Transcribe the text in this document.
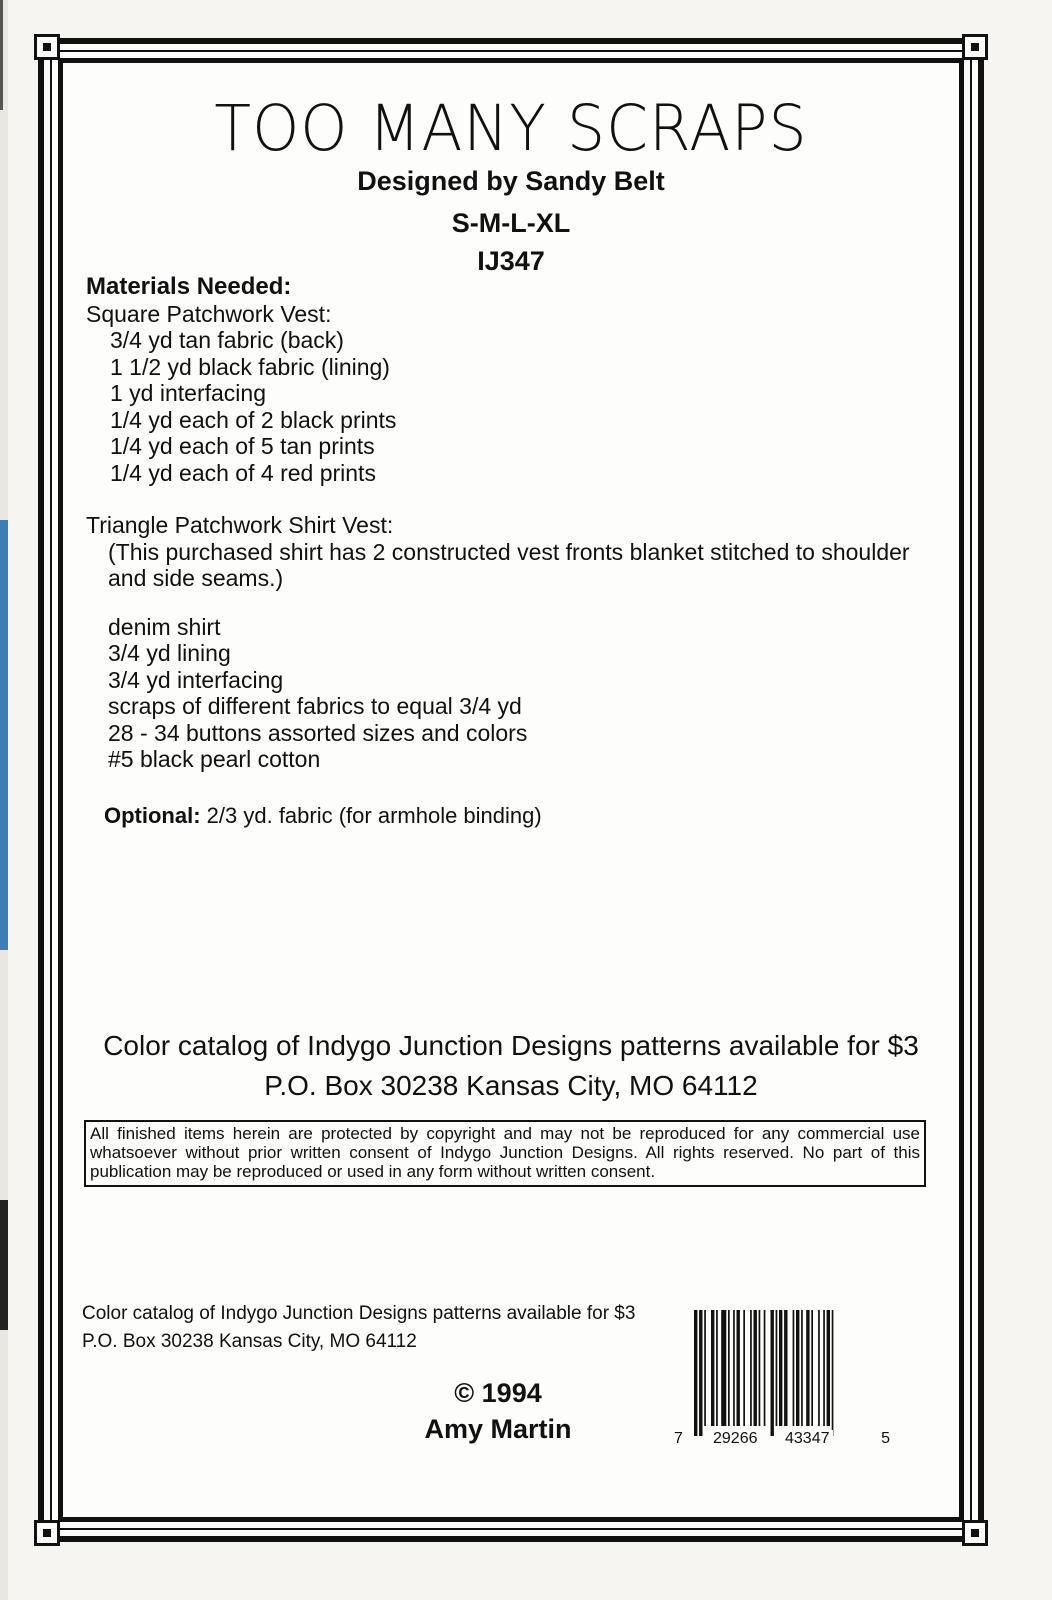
TOO MANY SCRAPS
Designed by Sandy Belt
S-M-L-XL
IJ347
Materials Needed:
Square Patchwork Vest:
3/4 yd tan fabric (back)
1 1/2 yd black fabric (lining)
1 yd interfacing
1/4 yd each of 2 black prints
1/4 yd each of 5 tan prints
1/4 yd each of 4 red prints
Triangle Patchwork Shirt Vest:
(This purchased shirt has 2 constructed vest fronts blanket stitched to shoulder and side seams.)
denim shirt
3/4 yd lining
3/4 yd interfacing
scraps of different fabrics to equal 3/4 yd
28 - 34 buttons assorted sizes and colors
#5 black pearl cotton
Optional: 2/3 yd. fabric (for armhole binding)
Color catalog of Indygo Junction Designs patterns available for $3
P.O. Box 30238 Kansas City, MO 64112
All finished items herein are protected by copyright and may not be reproduced for any commercial use whatsoever without prior written consent of Indygo Junction Designs. All rights reserved. No part of this publication may be reproduced or used in any form without written consent.
Color catalog of Indygo Junction Designs patterns available for $3
P.O. Box 30238 Kansas City, MO 64112
© 1994
Amy Martin	7 29266 43347	5
